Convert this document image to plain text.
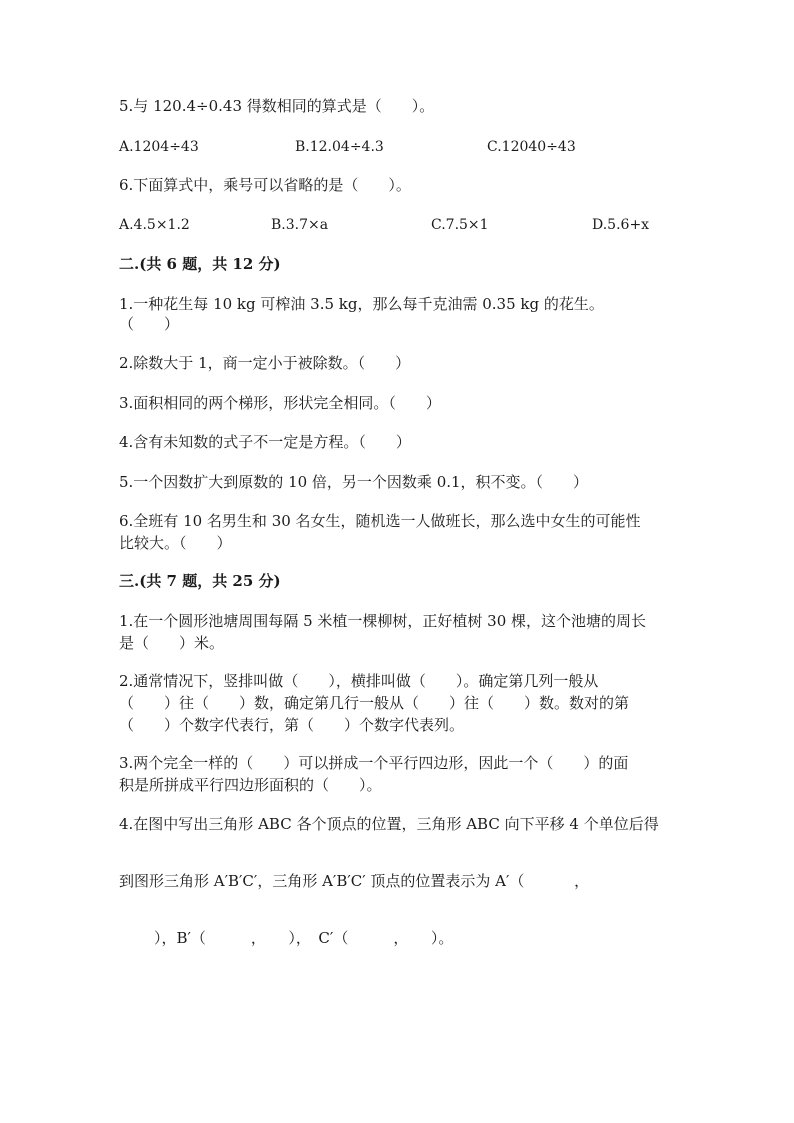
5.与 120.4÷0.43 得数相同的算式是（　　）。
A.1204÷43	B.12.04÷4.3	C.12040÷43
6.下面算式中，乘号可以省略的是（　　）。
A.4.5×1.2	B.3.7×a	C.7.5×1	D.5.6+x
二.(共 6 题，共 12 分)
1.一种花生每 10 kg 可榨油 3.5 kg，那么每千克油需 0.35 kg 的花生。
（　　）
2.除数大于 1，商一定小于被除数。（　　）
3.面积相同的两个梯形，形状完全相同。（　　）
4.含有未知数的式子不一定是方程。（　　）
5.一个因数扩大到原数的 10 倍，另一个因数乘 0.1，积不变。（　　）
6.全班有 10 名男生和 30 名女生，随机选一人做班长，那么选中女生的可能性
比较大。（　　）
三.(共 7 题，共 25 分)
1.在一个圆形池塘周围每隔 5 米植一棵柳树，正好植树 30 棵，这个池塘的周长
是（　　）米。
2.通常情况下，竖排叫做（　　），横排叫做（　　）。确定第几列一般从
（　　）往（　　）数，确定第几行一般从（　　）往（　　）数。数对的第
（　　）个数字代表行，第（　　）个数字代表列。
3.两个完全一样的（　　）可以拼成一个平行四边形，因此一个（　　）的面
积是所拼成平行四边形面积的（　　）。
4.在图中写出三角形 ABC 各个顶点的位置，三角形 ABC 向下平移 4 个单位后得
到图形三角形 A′B′C′，三角形 A′B′C′ 顶点的位置表示为 A′（　　　 ，
　　），B′（　　　，　　），　C′（　　　，　　）。
